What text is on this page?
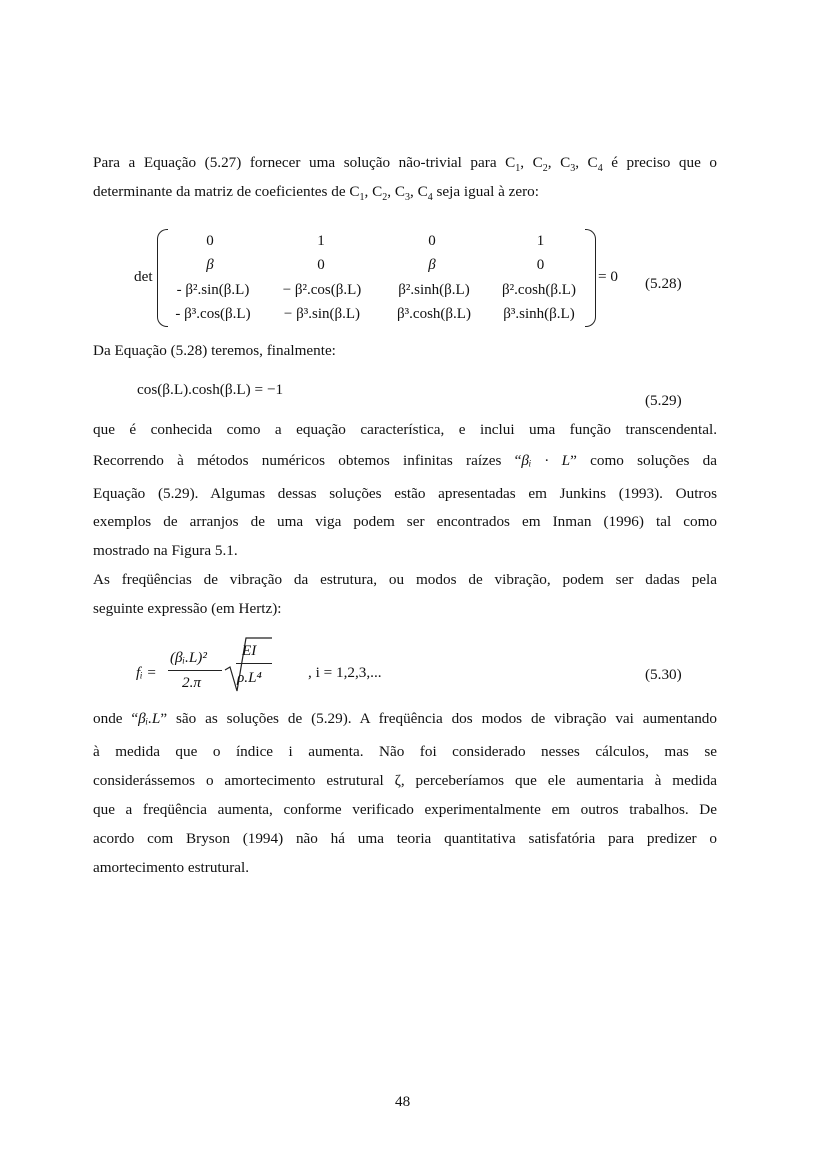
Para a Equação (5.27) fornecer uma solução não-trivial para $C_1$, $C_2$, $C_3$, $C_4$ é preciso que o
determinante da matriz de coeficientes de $C_1$, $C_2$, $C_3$, $C_4$ seja igual à zero:
det
0	1	0	1
β	0	β	0
- β².sin(β.L)	− β².cos(β.L)	β².sinh(β.L)	β².cosh(β.L)
- β³.cos(β.L)	− β³.sin(β.L)	β³.cosh(β.L)	β³.sinh(β.L)
= 0 (5.28)
Da Equação (5.28) teremos, finalmente:
cos(β.L).cosh(β.L) = −1
(5.29)
que é conhecida como a equação característica, e inclui uma função transcendental.
Recorrendo à métodos numéricos obtemos infinitas raízes “βᵢ · L” como soluções da
Equação (5.29). Algumas dessas soluções estão apresentadas em Junkins (1993). Outros
exemplos de arranjos de uma viga podem ser encontrados em Inman (1996) tal como
mostrado na Figura 5.1.
As freqüências de vibração da estrutura, ou modos de vibração, podem ser dadas pela
seguinte expressão (em Hertz):
fᵢ =
(βᵢ.L)²
2.π
EI
ρ.L⁴	, i = 1,2,3,...	(5.30)
onde “βᵢ.L” são as soluções de (5.29). A freqüência dos modos de vibração vai aumentando
à medida que o índice i aumenta. Não foi considerado nesses cálculos, mas se
considerássemos o amortecimento estrutural ζ, perceberíamos que ele aumentaria à medida
que a freqüência aumenta, conforme verificado experimentalmente em outros trabalhos. De
acordo com Bryson (1994) não há uma teoria quantitativa satisfatória para predizer o
amortecimento estrutural.
48
